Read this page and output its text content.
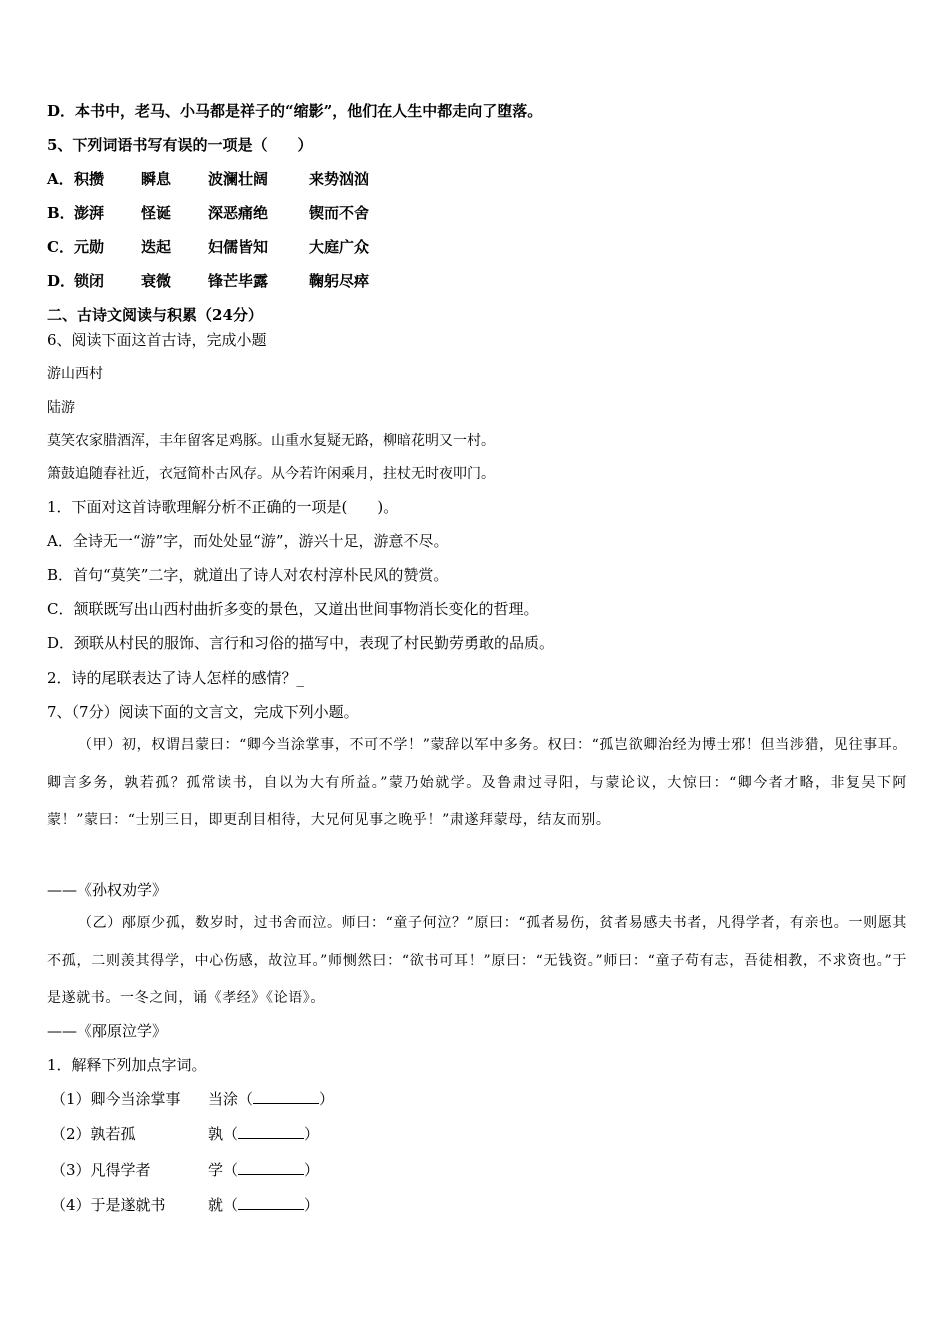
D．本书中，老马、小马都是祥子的“缩影”，他们在人生中都走向了堕落。
5、下列词语书写有误的一项是（　　）
A．积攒 瞬息 波澜壮阔	来势汹汹
B．澎湃 怪诞 深恶痛绝	锲而不舍
C．元勋 迭起 妇儒皆知	大庭广众
D．锁闭 衰微 锋芒毕露	鞠躬尽瘁
二、古诗文阅读与积累（24分）
6、阅读下面这首古诗，完成小题
游山西村
陆游
莫笑农家腊酒浑，丰年留客足鸡豚。山重水复疑无路，柳暗花明又一村。
箫鼓追随春社近，衣冠简朴古风存。从今若许闲乘月，拄杖无时夜叩门。
1．下面对这首诗歌理解分析不正确的一项是(　　)。
A．全诗无一“游”字，而处处显“游”，游兴十足，游意不尽。
B．首句“莫笑”二字，就道出了诗人对农村淳朴民风的赞赏。
C．颔联既写出山西村曲折多变的景色，又道出世间事物消长变化的哲理。
D．颈联从村民的服饰、言行和习俗的描写中，表现了村民勤劳勇敢的品质。
2．诗的尾联表达了诗人怎样的感情？_
7、（7分）阅读下面的文言文，完成下列小题。
（甲）初，权谓吕蒙曰：“卿今当涂掌事，不可不学！”蒙辞以军中多务。权曰：“孤岂欲卿治经为博士邪！但当涉猎，见往事耳。卿言多务，孰若孤？孤常读书，自以为大有所益。”蒙乃始就学。及鲁肃过寻阳，与蒙论议，大惊曰：“卿今者才略，非复吴下阿蒙！”蒙曰：“士别三日，即更刮目相待，大兄何见事之晚乎！”肃遂拜蒙母，结友而别。
——《孙权劝学》
（乙）邴原少孤，数岁时，过书舍而泣。师曰：“童子何泣？”原曰：“孤者易伤，贫者易感夫书者，凡得学者，有亲也。一则愿其不孤，二则羡其得学，中心伤感，故泣耳。”师恻然曰：“欲书可耳！”原曰：“无钱资。”师曰：“童子苟有志，吾徒相教，不求资也。”于是遂就书。一冬之间，诵《孝经》《论语》。
——《邴原泣学》
1．解释下列加点字词。
（1）卿今当涂掌事 当涂（	）
（2）孰若孤	孰（	）
（3）凡得学者	学（	）
（4）于是遂就书	就（	）
